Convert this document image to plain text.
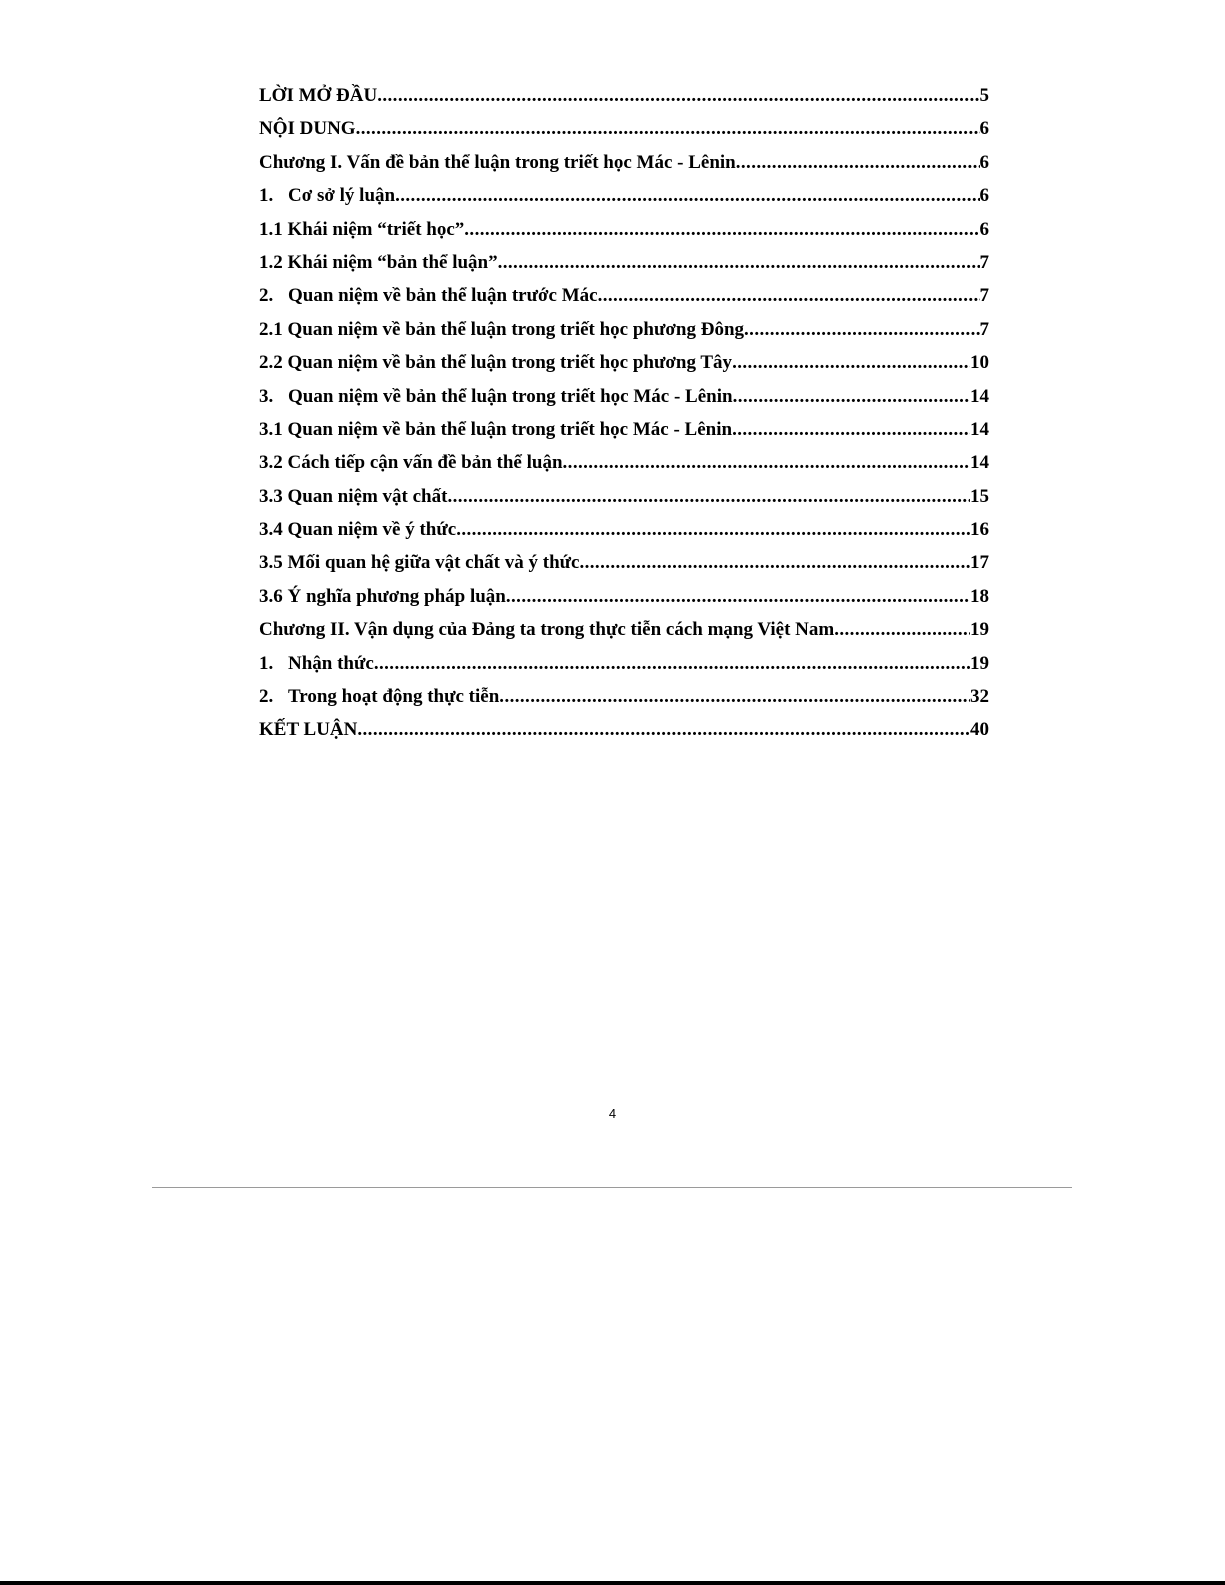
LỜI MỞ ĐẦU .....	5
NỘI DUNG .....	6
Chương I. Vấn đề bản thể luận trong triết học Mác - Lênin .....	6
1. Cơ sở lý luận .....	6
1.1 Khái niệm “triết học” .....	6
1.2 Khái niệm “bản thể luận” .....	7
2. Quan niệm về bản thể luận trước Mác .....	7
2.1 Quan niệm về bản thể luận trong triết học phương Đông .....	7
2.2 Quan niệm về bản thể luận trong triết học phương Tây .....	10
3. Quan niệm về bản thể luận trong triết học Mác - Lênin .....	14
3.1 Quan niệm về bản thể luận trong triết học Mác - Lênin .....	14
3.2 Cách tiếp cận vấn đề bản thể luận .....	14
3.3 Quan niệm vật chất .....	15
3.4 Quan niệm về ý thức .....	16
3.5 Mối quan hệ giữa vật chất và ý thức .....	17
3.6 Ý nghĩa phương pháp luận .....	18
Chương II. Vận dụng của Đảng ta trong thực tiễn cách mạng Việt Nam .....	19
1. Nhận thức .....	19
2. Trong hoạt động thực tiễn .....	32
KẾT LUẬN .....	40
4
